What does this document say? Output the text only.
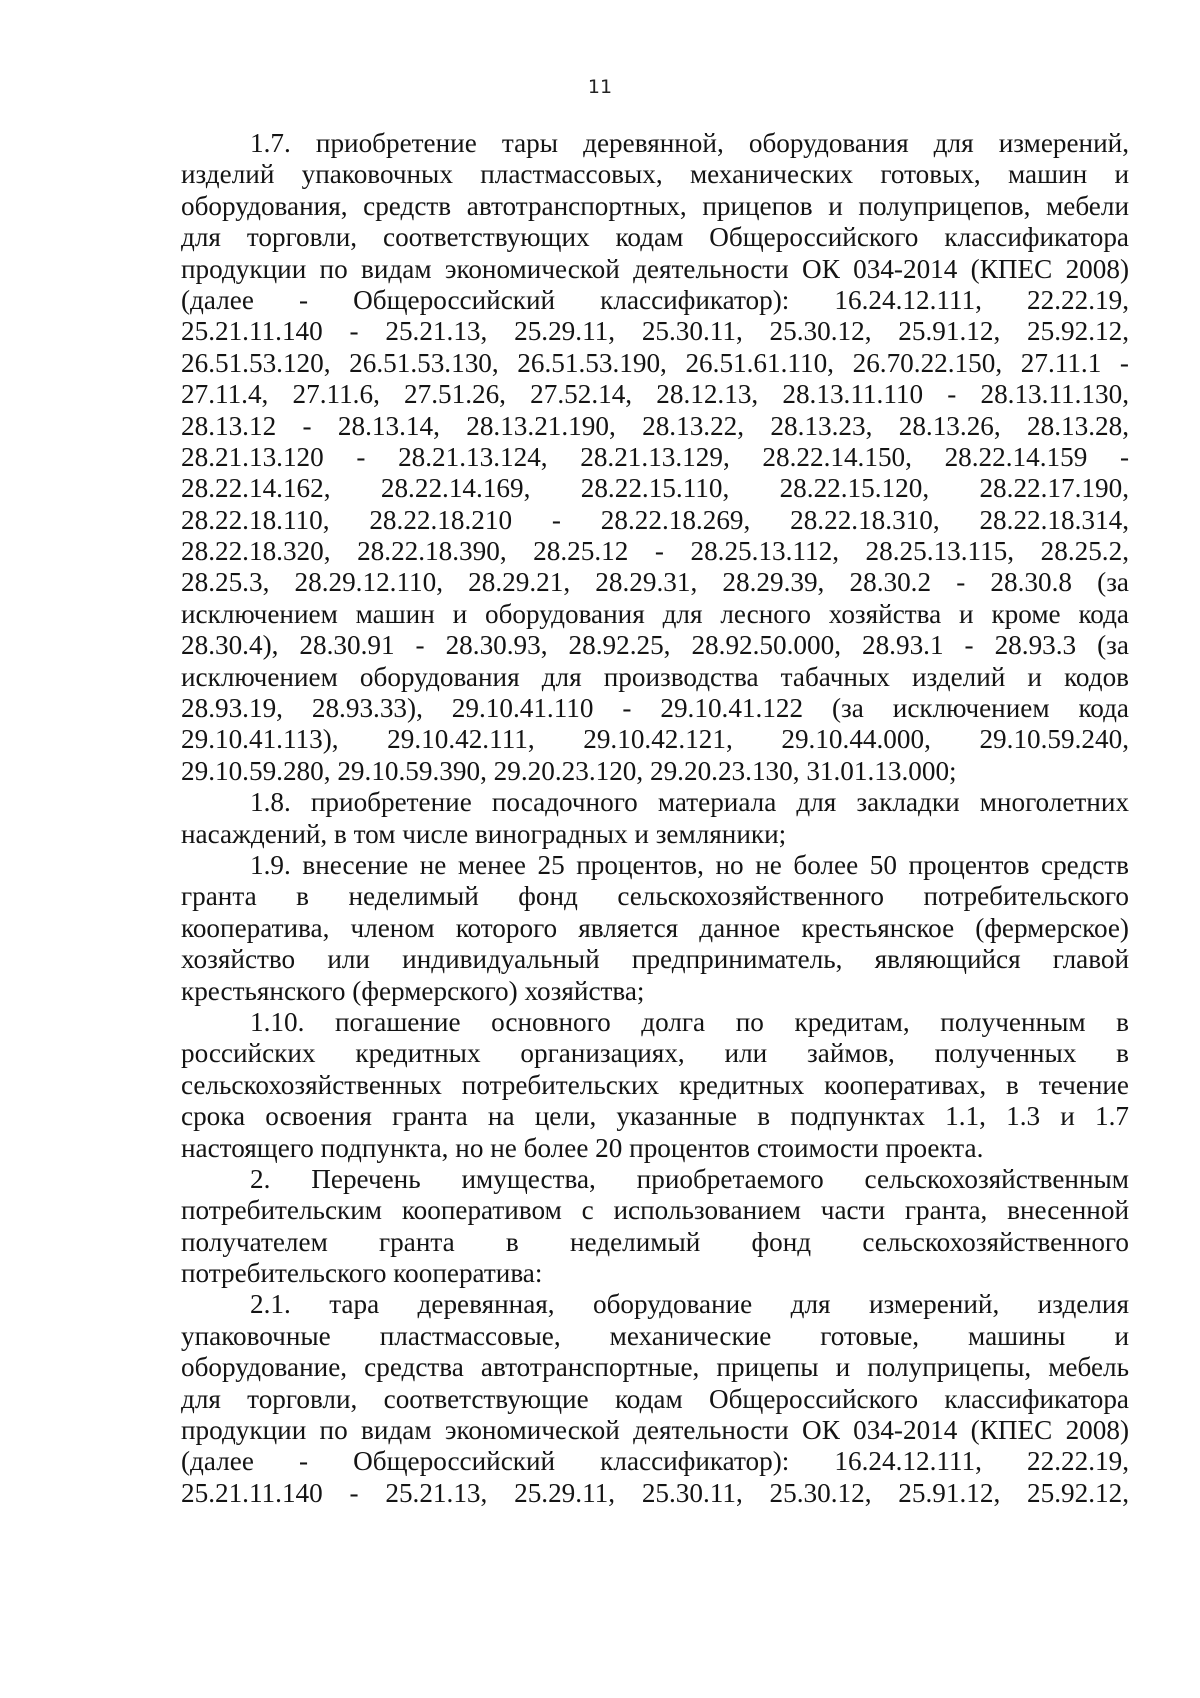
11
1.7. приобретение тары деревянной, оборудования для измерений,
изделий упаковочных пластмассовых, механических готовых, машин и
оборудования, средств автотранспортных, прицепов и полуприцепов, мебели
для торговли, соответствующих кодам Общероссийского классификатора
продукции по видам экономической деятельности ОК 034-2014 (КПЕС 2008)
(далее - Общероссийский классификатор): 16.24.12.111, 22.22.19,
25.21.11.140 - 25.21.13, 25.29.11, 25.30.11, 25.30.12, 25.91.12, 25.92.12,
26.51.53.120, 26.51.53.130, 26.51.53.190, 26.51.61.110, 26.70.22.150, 27.11.1 -
27.11.4, 27.11.6, 27.51.26, 27.52.14, 28.12.13, 28.13.11.110 - 28.13.11.130,
28.13.12 - 28.13.14, 28.13.21.190, 28.13.22, 28.13.23, 28.13.26, 28.13.28,
28.21.13.120 - 28.21.13.124, 28.21.13.129, 28.22.14.150, 28.22.14.159 -
28.22.14.162, 28.22.14.169, 28.22.15.110, 28.22.15.120, 28.22.17.190,
28.22.18.110, 28.22.18.210 - 28.22.18.269, 28.22.18.310, 28.22.18.314,
28.22.18.320, 28.22.18.390, 28.25.12 - 28.25.13.112, 28.25.13.115, 28.25.2,
28.25.3, 28.29.12.110, 28.29.21, 28.29.31, 28.29.39, 28.30.2 - 28.30.8 (за
исключением машин и оборудования для лесного хозяйства и кроме кода
28.30.4), 28.30.91 - 28.30.93, 28.92.25, 28.92.50.000, 28.93.1 - 28.93.3 (за
исключением оборудования для производства табачных изделий и кодов
28.93.19, 28.93.33), 29.10.41.110 - 29.10.41.122 (за исключением кода
29.10.41.113), 29.10.42.111, 29.10.42.121, 29.10.44.000, 29.10.59.240,
29.10.59.280, 29.10.59.390, 29.20.23.120, 29.20.23.130, 31.01.13.000;
1.8. приобретение посадочного материала для закладки многолетних
насаждений, в том числе виноградных и земляники;
1.9. внесение не менее 25 процентов, но не более 50 процентов средств
гранта в неделимый фонд сельскохозяйственного потребительского
кооператива, членом которого является данное крестьянское (фермерское)
хозяйство или индивидуальный предприниматель, являющийся главой
крестьянского (фермерского) хозяйства;
1.10. погашение основного долга по кредитам, полученным в
российских кредитных организациях, или займов, полученных в
сельскохозяйственных потребительских кредитных кооперативах, в течение
срока освоения гранта на цели, указанные в подпунктах 1.1, 1.3 и 1.7
настоящего подпункта, но не более 20 процентов стоимости проекта.
2. Перечень имущества, приобретаемого сельскохозяйственным
потребительским кооперативом с использованием части гранта, внесенной
получателем гранта в неделимый фонд сельскохозяйственного
потребительского кооператива:
2.1. тара деревянная, оборудование для измерений, изделия
упаковочные пластмассовые, механические готовые, машины и
оборудование, средства автотранспортные, прицепы и полуприцепы, мебель
для торговли, соответствующие кодам Общероссийского классификатора
продукции по видам экономической деятельности ОК 034-2014 (КПЕС 2008)
(далее - Общероссийский классификатор): 16.24.12.111, 22.22.19,
25.21.11.140 - 25.21.13, 25.29.11, 25.30.11, 25.30.12, 25.91.12, 25.92.12,
